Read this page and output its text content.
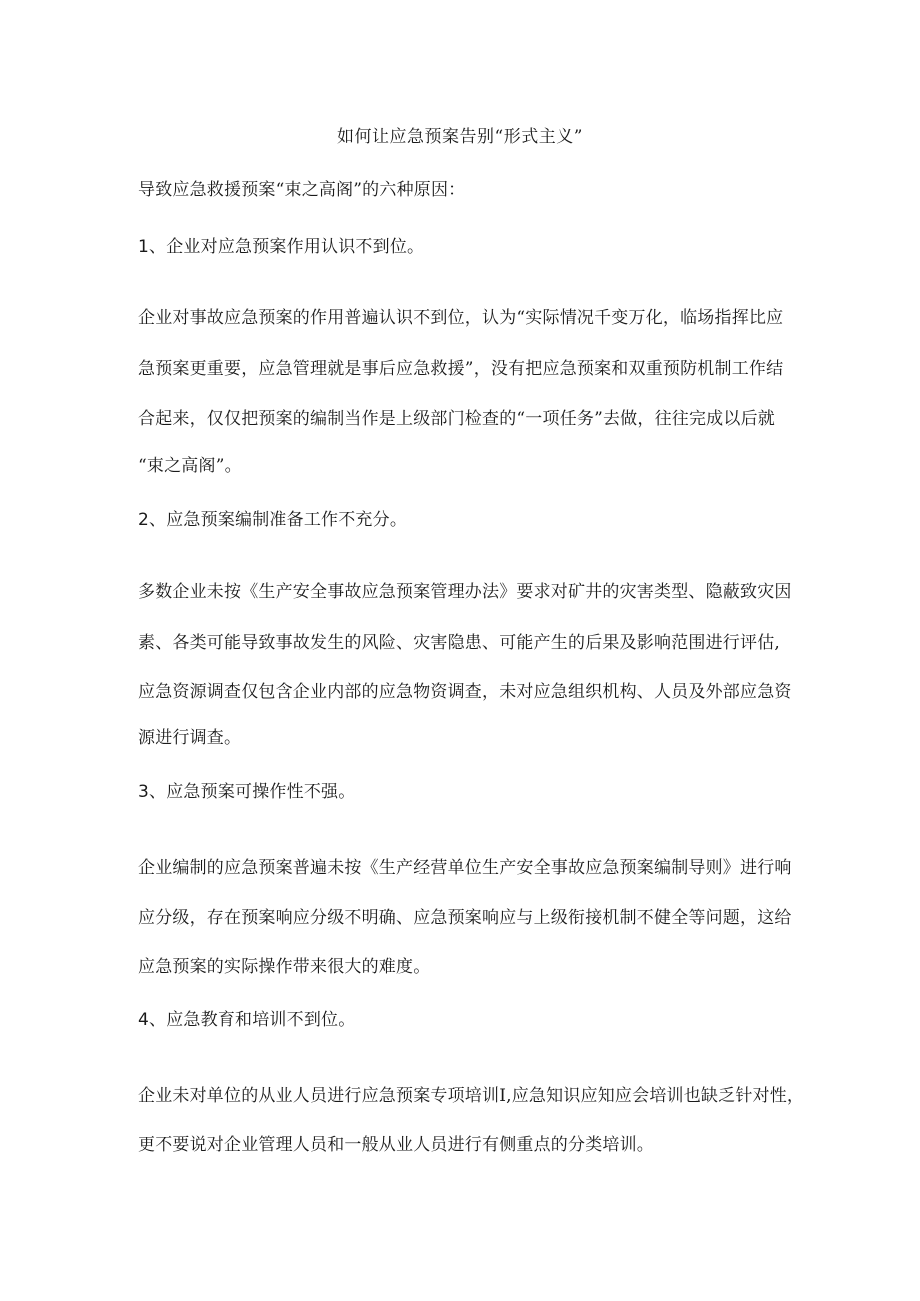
如何让应急预案告别“形式主义”
导致应急救援预案“束之高阁”的六种原因：
1、企业对应急预案作用认识不到位。
企业对事故应急预案的作用普遍认识不到位，认为“实际情况千变万化，临场指挥比应
急预案更重要，应急管理就是事后应急救援”，没有把应急预案和双重预防机制工作结
合起来，仅仅把预案的编制当作是上级部门检查的“一项任务”去做，往往完成以后就
“束之高阁”。
2、应急预案编制准备工作不充分。
多数企业未按《生产安全事故应急预案管理办法》要求对矿井的灾害类型、隐蔽致灾因
素、各类可能导致事故发生的风险、灾害隐患、可能产生的后果及影响范围进行评估,
应急资源调查仅包含企业内部的应急物资调查，未对应急组织机构、人员及外部应急资
源进行调查。
3、应急预案可操作性不强。
企业编制的应急预案普遍未按《生产经营单位生产安全事故应急预案编制导则》进行响
应分级，存在预案响应分级不明确、应急预案响应与上级衔接机制不健全等问题，这给
应急预案的实际操作带来很大的难度。
4、应急教育和培训不到位。
企业未对单位的从业人员进行应急预案专项培训I,应急知识应知应会培训也缺乏针对性，
更不要说对企业管理人员和一般从业人员进行有侧重点的分类培训。
